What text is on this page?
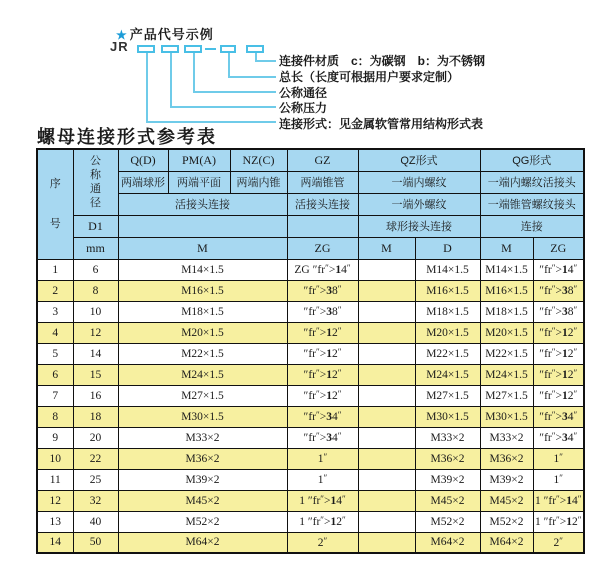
★ 产品代号示例
JR
连接件材质　c：为碳钢　b：为不锈钢
总长（长度可根据用户要求定制）
公称通径
公称压力
连接形式：见金属软管常用结构形式表
螺母连接形式参考表
序号	公称通径	Q(D)	PM(A)	NZ(C)	GZ	QZ形式		QG形式	
		两端球形	两端平面	两端内锥	两端锥管	一端内螺纹		一端内螺纹活接头	
		活接头连接			活接头连接	一端外螺纹		一端锥管螺纹接头	
	D1					球形接头连接		连接	
	mm	M			ZG	M	D	M	ZG
1	6	M14×1.5			ZG ″fr″>14″		M14×1.5	M14×1.5	″fr″>14″
2	8	M16×1.5			″fr″>38″		M16×1.5	M16×1.5	″fr″>38″
3	10	M18×1.5			″fr″>38″		M18×1.5	M18×1.5	″fr″>38″
4	12	M20×1.5			″fr″>12″		M20×1.5	M20×1.5	″fr″>12″
5	14	M22×1.5			″fr″>12″		M22×1.5	M22×1.5	″fr″>12″
6	15	M24×1.5			″fr″>12″		M24×1.5	M24×1.5	″fr″>12″
7	16	M27×1.5			″fr″>12″		M27×1.5	M27×1.5	″fr″>12″
8	18	M30×1.5			″fr″>34″		M30×1.5	M30×1.5	″fr″>34″
9	20	M33×2			″fr″>34″		M33×2	M33×2	″fr″>34″
10	22	M36×2			1″		M36×2	M36×2	1″
11	25	M39×2			1″		M39×2	M39×2	1″
12	32	M45×2			1 ″fr″>14″		M45×2	M45×2	1 ″fr″>14″
13	40	M52×2			1 ″fr″>12″		M52×2	M52×2	1 ″fr″>12″
14	50	M64×2			2″		M64×2	M64×2	2″
